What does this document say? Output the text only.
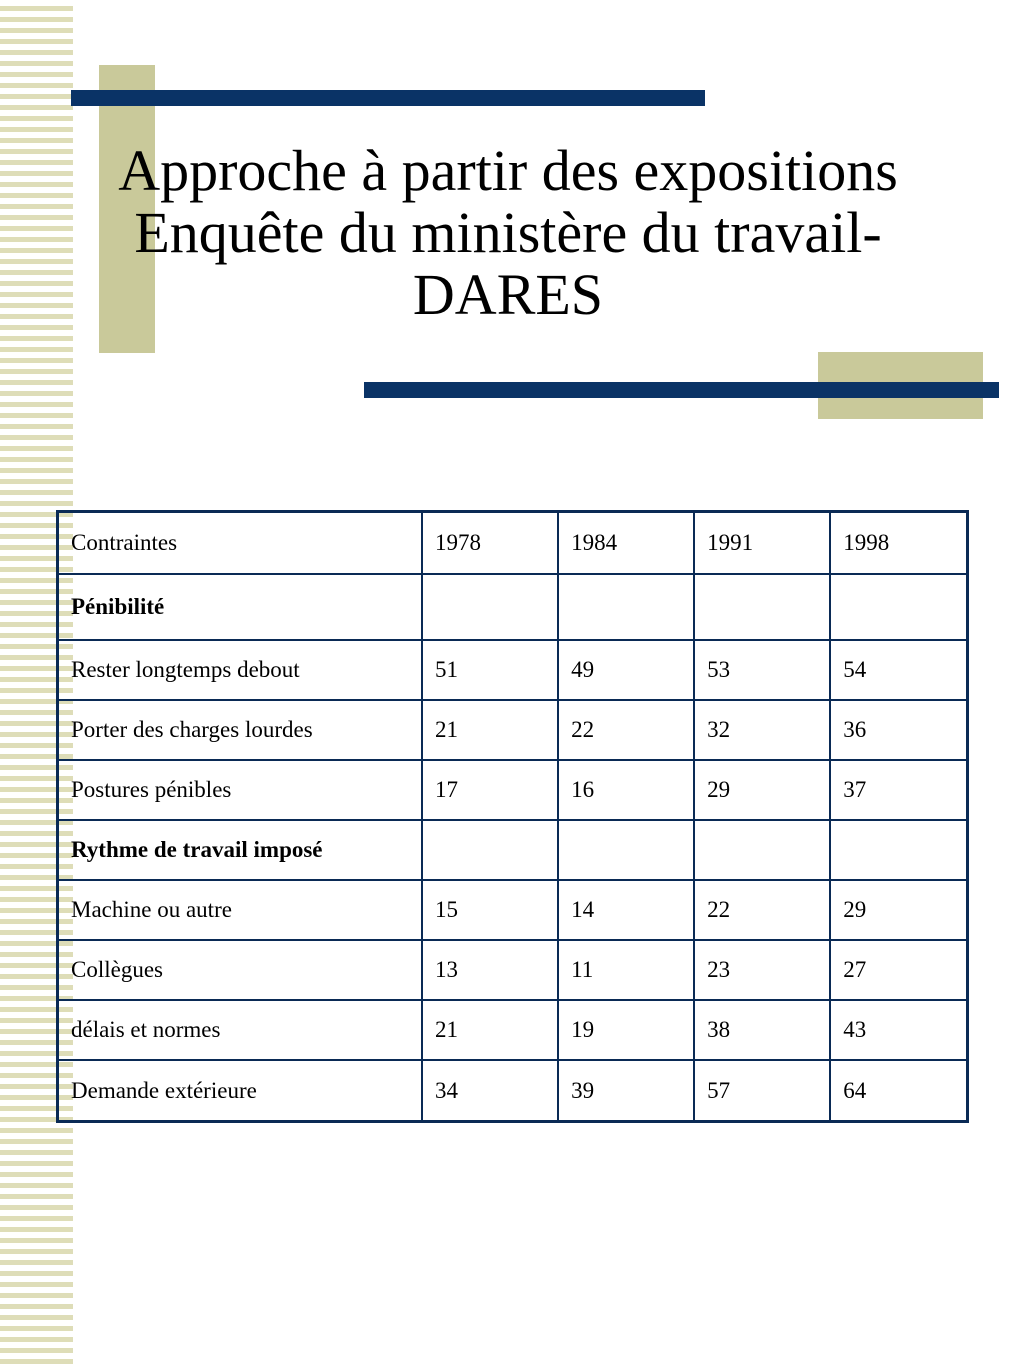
Approche à partir des expositions
Enquête du ministère du travail-
DARES
Contraintes	1978	1984	1991	1998
Pénibilité				
Rester longtemps debout	51	49	53	54
Porter des charges lourdes	21	22	32	36
Postures pénibles	17	16	29	37
Rythme de travail imposé				
Machine ou autre	15	14	22	29
Collègues	13	11	23	27
délais et normes	21	19	38	43
Demande extérieure	34	39	57	64
